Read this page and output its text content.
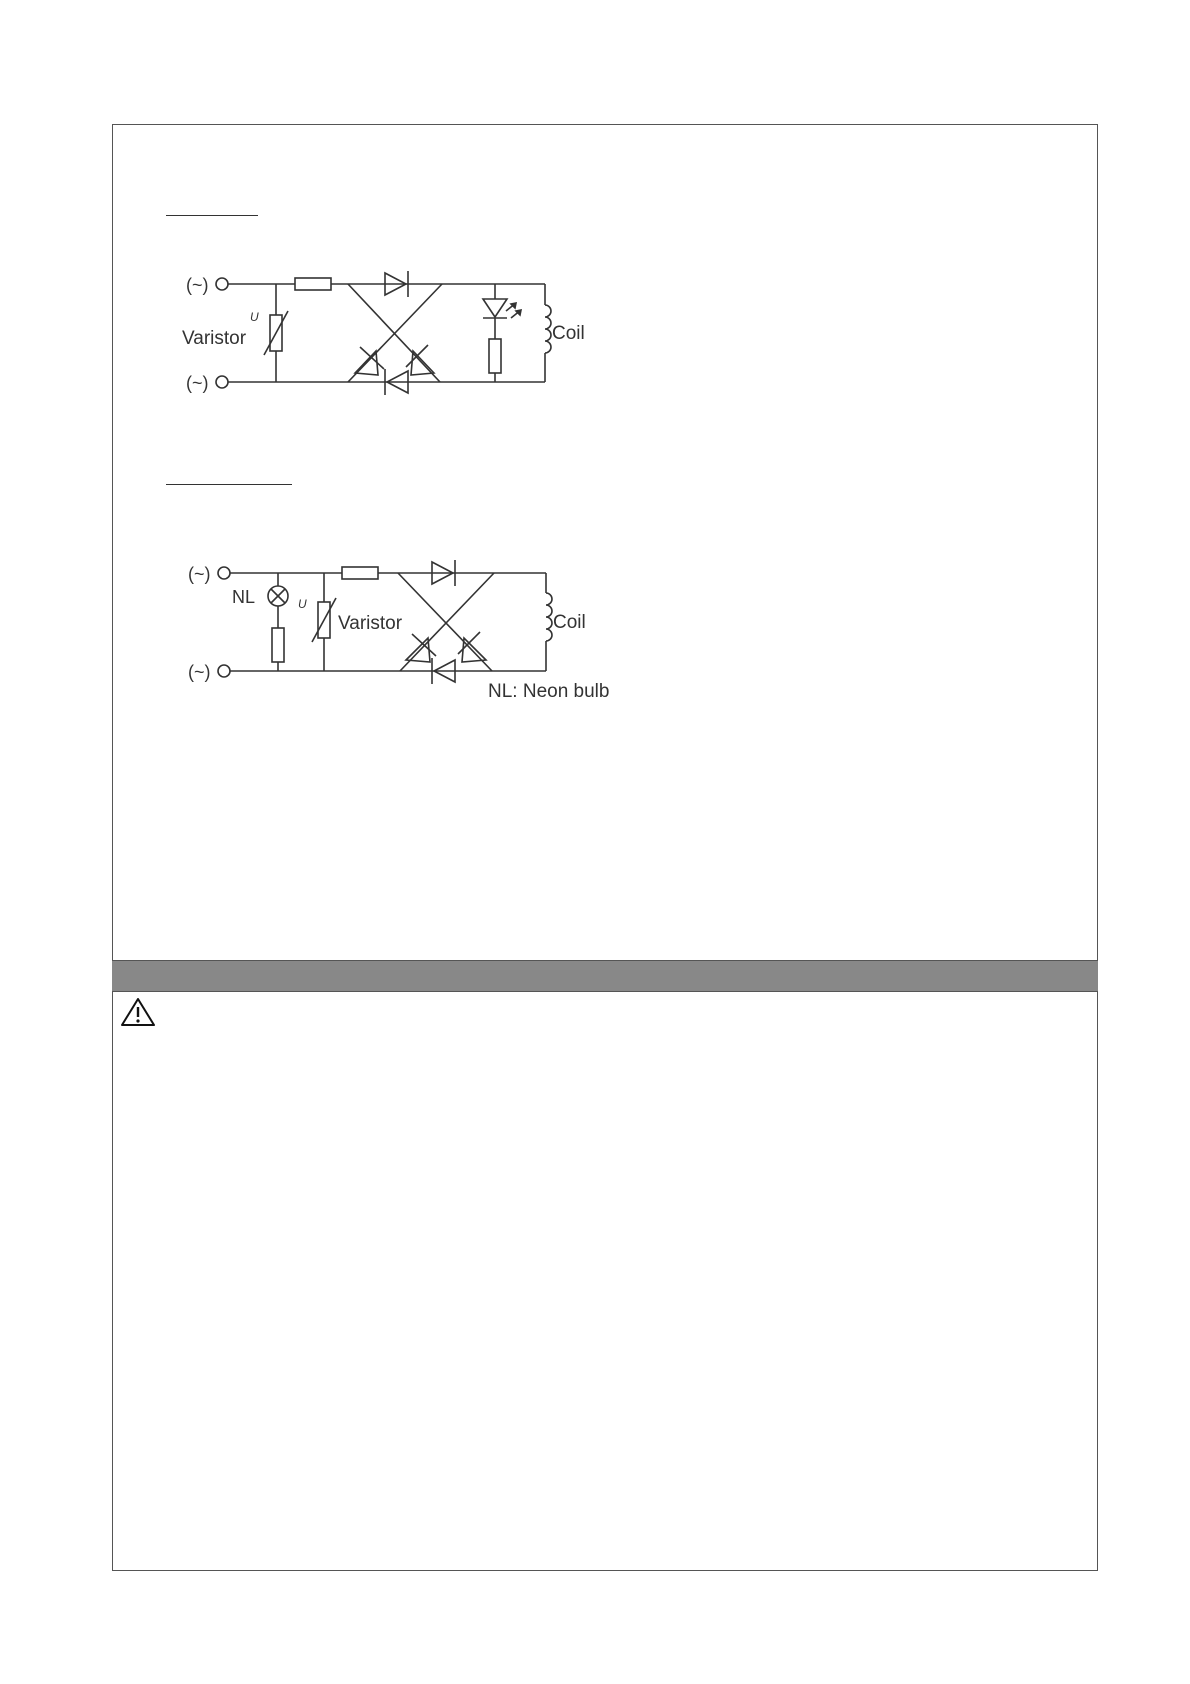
(~)
(~)
Varistor
U
Coil
(~)
(~)
NL	U
Varistor	Coil
NL: Neon bulb
